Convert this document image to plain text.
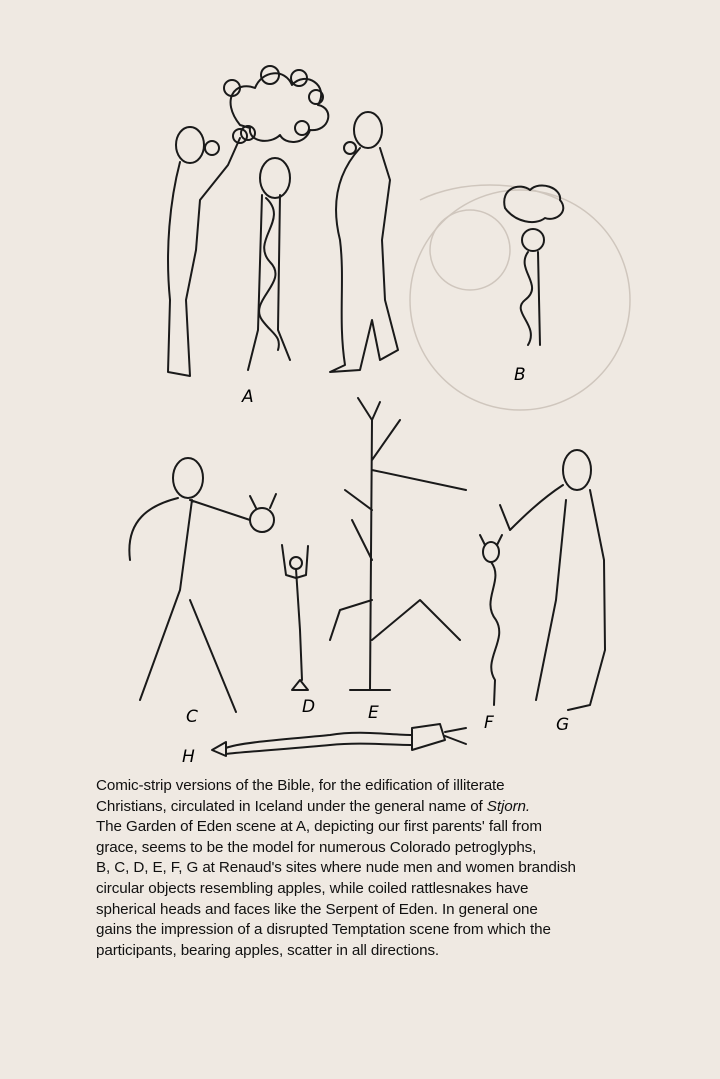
A
B
C	D	E	F	G
H

Comic-strip versions of the Bible, for the edification of illiterate

Christians, circulated in Iceland under the general name of Stjorn.

The Garden of Eden scene at A, depicting our first parents' fall from

grace, seems to be the model for numerous Colorado petroglyphs,

B, C, D, E, F, G at Renaud's sites where nude men and women brandish

circular objects resembling apples, while coiled rattlesnakes have

spherical heads and faces like the Serpent of Eden. In general one

gains the impression of a disrupted Temptation scene from which the

participants, bearing apples, scatter in all directions.
